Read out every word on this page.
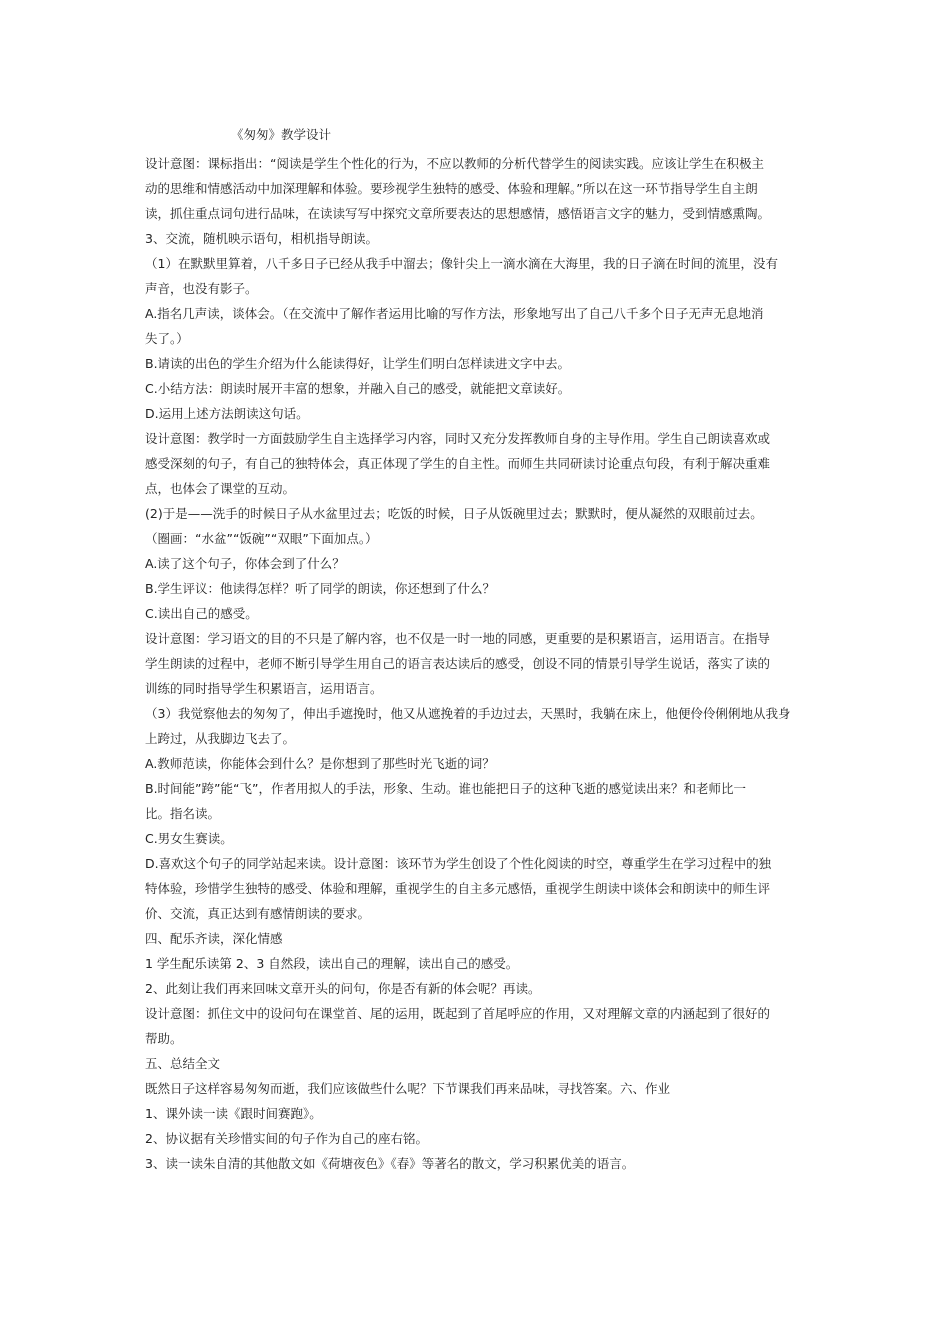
《匆匆》教学设计
设计意图：课标指出：“阅读是学生个性化的行为，不应以教师的分析代替学生的阅读实践。应该让学生在积极主
动的思维和情感活动中加深理解和体验。要珍视学生独特的感受、体验和理解。”所以在这一环节指导学生自主朗
读，抓住重点词句进行品味，在读读写写中探究文章所要表达的思想感情，感悟语言文字的魅力，受到情感熏陶。
3、交流，随机映示语句，相机指导朗读。
（1）在默默里算着，八千多日子已经从我手中溜去；像针尖上一滴水滴在大海里，我的日子滴在时间的流里，没有
声音，也没有影子。
A.指名几声读，谈体会。（在交流中了解作者运用比喻的写作方法，形象地写出了自己八千多个日子无声无息地消
失了。）
B.请读的出色的学生介绍为什么能读得好，让学生们明白怎样读进文字中去。
C.小结方法：朗读时展开丰富的想象，并融入自己的感受，就能把文章读好。
D.运用上述方法朗读这句话。
设计意图：教学时一方面鼓励学生自主选择学习内容，同时又充分发挥教师自身的主导作用。学生自己朗读喜欢或
感受深刻的句子，有自己的独特体会，真正体现了学生的自主性。而师生共同研读讨论重点句段，有利于解决重难
点，也体会了课堂的互动。
(2)于是——洗手的时候日子从水盆里过去；吃饭的时候，日子从饭碗里过去；默默时，便从凝然的双眼前过去。
（圈画：“水盆”“饭碗”“双眼”下面加点。）
A.读了这个句子，你体会到了什么？
B.学生评议：他读得怎样？听了同学的朗读，你还想到了什么？
C.读出自己的感受。
设计意图：学习语文的目的不只是了解内容，也不仅是一时一地的同感，更重要的是积累语言，运用语言。在指导
学生朗读的过程中，老师不断引导学生用自己的语言表达读后的感受，创设不同的情景引导学生说话，落实了读的
训练的同时指导学生积累语言，运用语言。
（3）我觉察他去的匆匆了，伸出手遮挽时，他又从遮挽着的手边过去，天黑时，我躺在床上，他便伶伶俐俐地从我身
上跨过，从我脚边飞去了。
A.教师范读，你能体会到什么？是你想到了那些时光飞逝的词？
B.时间能”跨”能“飞”，作者用拟人的手法，形象、生动。谁也能把日子的这种飞逝的感觉读出来？和老师比一
比。指名读。
C.男女生赛读。
D.喜欢这个句子的同学站起来读。设计意图：该环节为学生创设了个性化阅读的时空，尊重学生在学习过程中的独
特体验，珍惜学生独特的感受、体验和理解，重视学生的自主多元感悟，重视学生朗读中谈体会和朗读中的师生评
价、交流，真正达到有感情朗读的要求。
四、配乐齐读，深化情感
1 学生配乐读第 2、3 自然段，读出自己的理解，读出自己的感受。
2、此刻让我们再来回味文章开头的问句，你是否有新的体会呢？再读。
设计意图：抓住文中的设问句在课堂首、尾的运用，既起到了首尾呼应的作用，又对理解文章的内涵起到了很好的
帮助。
五、总结全文
既然日子这样容易匆匆而逝，我们应该做些什么呢？下节课我们再来品味，寻找答案。六、作业
1、课外读一读《跟时间赛跑》。
2、协议据有关珍惜实间的句子作为自己的座右铭。
3、读一读朱自清的其他散文如《荷塘夜色》《春》等著名的散文，学习积累优美的语言。
